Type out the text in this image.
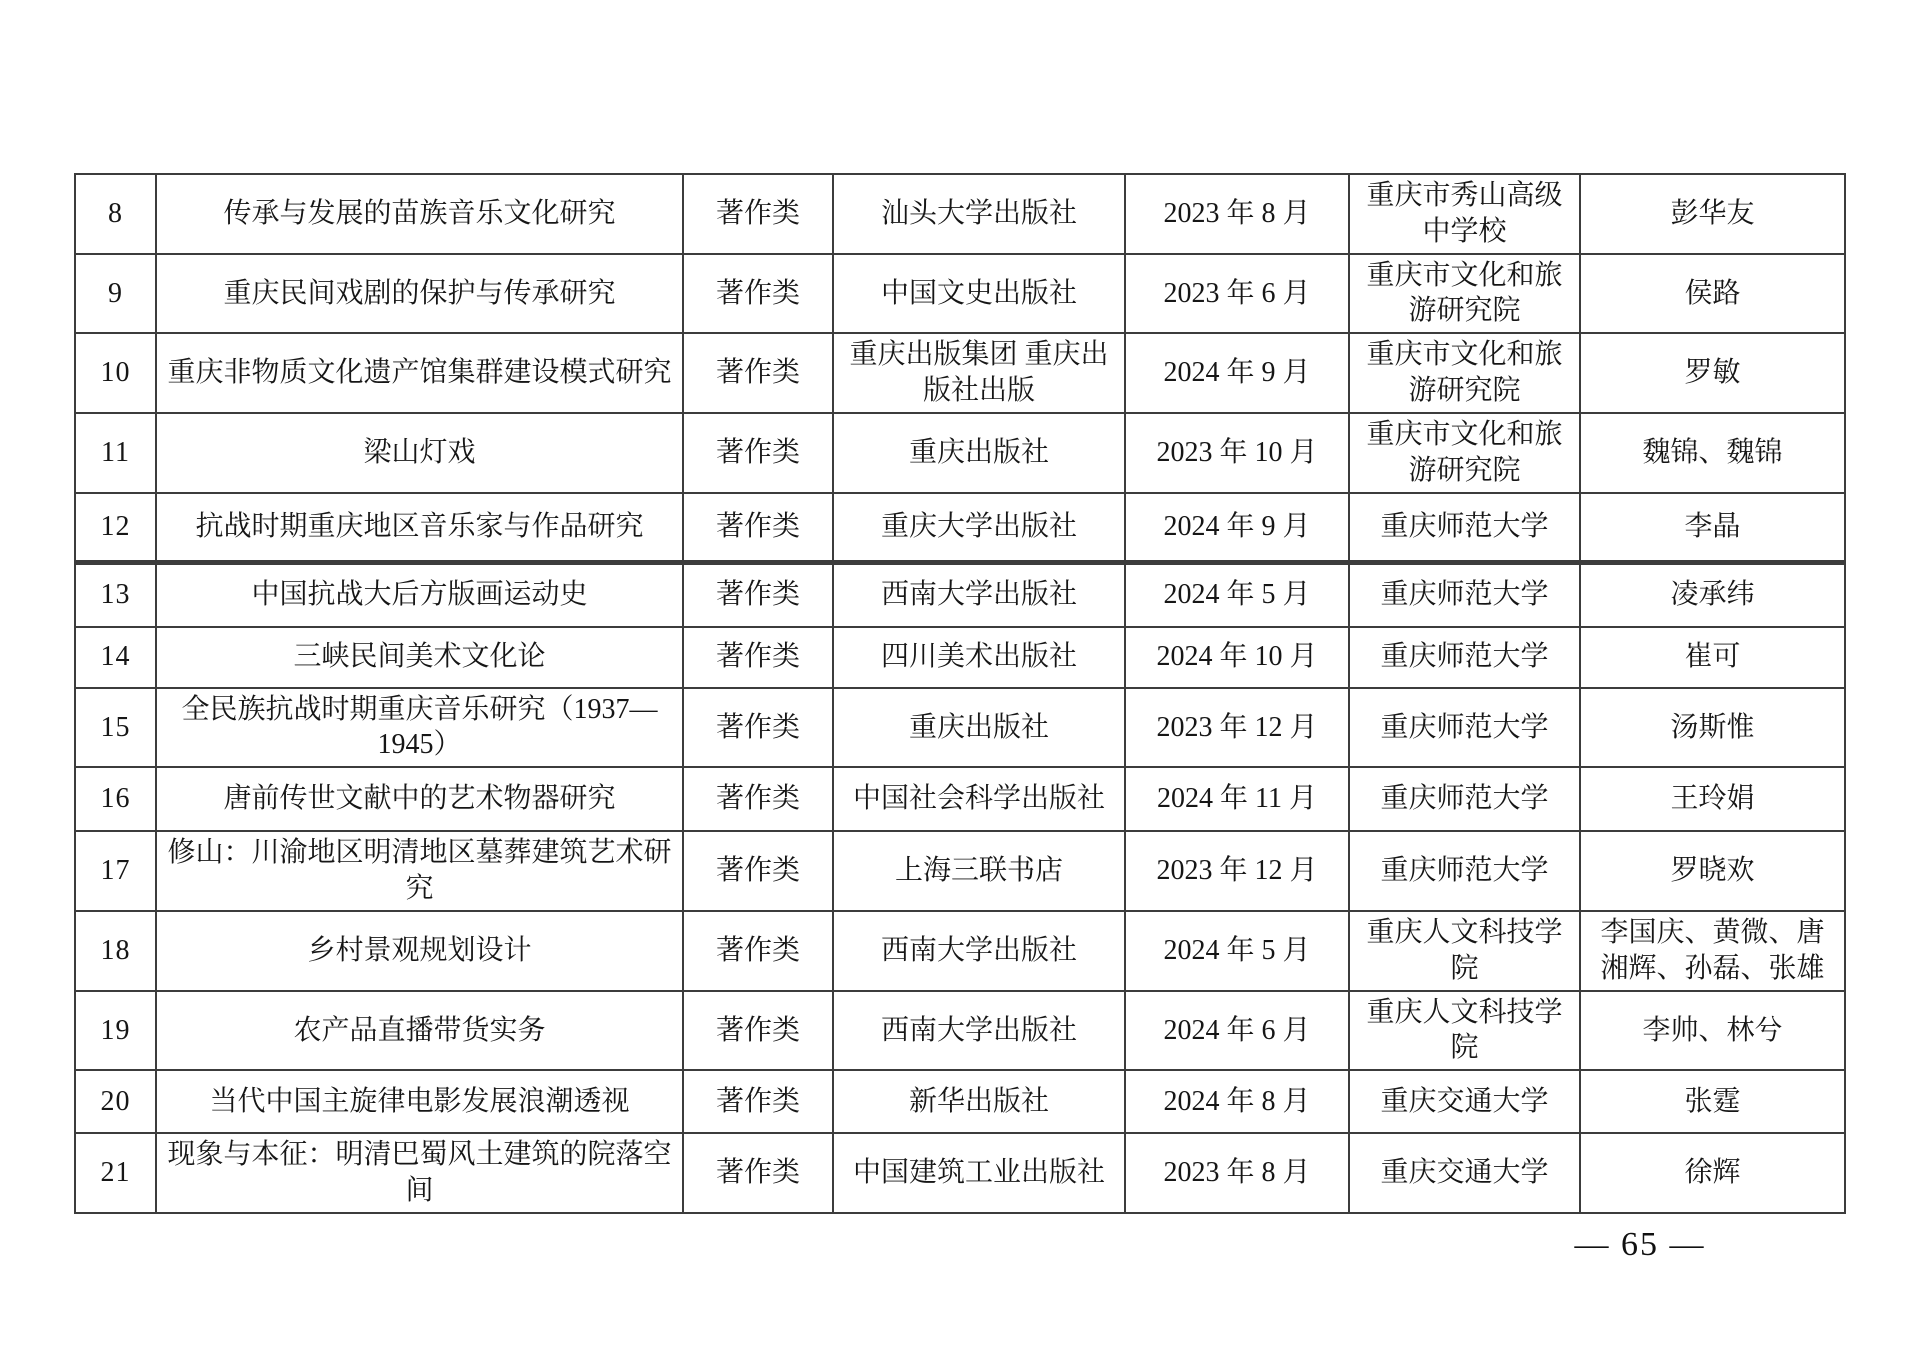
8	传承与发展的苗族音乐文化研究	著作类	汕头大学出版社	2023 年 8 月	重庆市秀山高级中学校	彭华友
9	重庆民间戏剧的保护与传承研究	著作类	中国文史出版社	2023 年 6 月	重庆市文化和旅游研究院	侯路
10	重庆非物质文化遗产馆集群建设模式研究	著作类	重庆出版集团 重庆出版社出版	2024 年 9 月	重庆市文化和旅游研究院	罗敏
11	梁山灯戏	著作类	重庆出版社	2023 年 10 月	重庆市文化和旅游研究院	魏锦、魏锦
12	抗战时期重庆地区音乐家与作品研究	著作类	重庆大学出版社	2024 年 9 月	重庆师范大学	李晶
13	中国抗战大后方版画运动史	著作类	西南大学出版社	2024 年 5 月	重庆师范大学	凌承纬
14	三峡民间美术文化论	著作类	四川美术出版社	2024 年 10 月	重庆师范大学	崔可
15	全民族抗战时期重庆音乐研究（1937—1945）	著作类	重庆出版社	2023 年 12 月	重庆师范大学	汤斯惟
16	唐前传世文献中的艺术物器研究	著作类	中国社会科学出版社	2024 年 11 月	重庆师范大学	王玲娟
17	修山：川渝地区明清地区墓葬建筑艺术研究	著作类	上海三联书店	2023 年 12 月	重庆师范大学	罗晓欢
18	乡村景观规划设计	著作类	西南大学出版社	2024 年 5 月	重庆人文科技学院	李国庆、黄微、唐湘辉、孙磊、张雄
19	农产品直播带货实务	著作类	西南大学出版社	2024 年 6 月	重庆人文科技学院	李帅、林兮
20	当代中国主旋律电影发展浪潮透视	著作类	新华出版社	2024 年 8 月	重庆交通大学	张霆
21	现象与本征：明清巴蜀风土建筑的院落空间	著作类	中国建筑工业出版社	2023 年 8 月	重庆交通大学	徐辉
— 65 —
